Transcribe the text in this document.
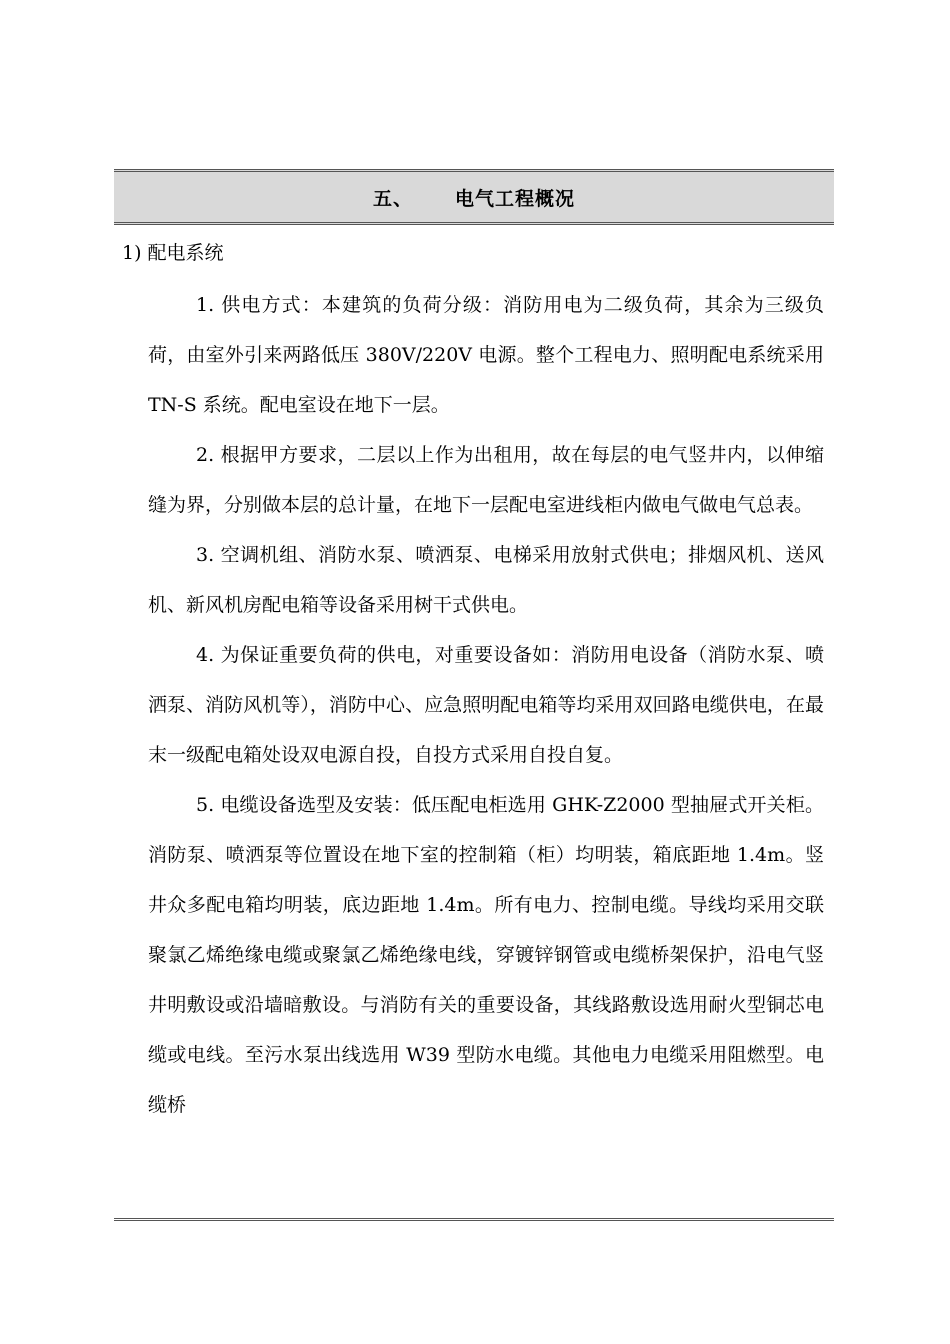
五、 电气工程概况
1) 配电系统

1. 供电方式：本建筑的负荷分级：消防用电为二级负荷，其余为三级负荷，由室外引来两路低压 380V/220V 电源。整个工程电力、照明配电系统采用 TN-S 系统。配电室设在地下一层。

2. 根据甲方要求，二层以上作为出租用，故在每层的电气竖井内，以伸缩缝为界，分别做本层的总计量，在地下一层配电室进线柜内做电气做电气总表。

3. 空调机组、消防水泵、喷洒泵、电梯采用放射式供电；排烟风机、送风机、新风机房配电箱等设备采用树干式供电。

4. 为保证重要负荷的供电，对重要设备如：消防用电设备（消防水泵、喷洒泵、消防风机等），消防中心、应急照明配电箱等均采用双回路电缆供电，在最末一级配电箱处设双电源自投，自投方式采用自投自复。

5. 电缆设备选型及安装：低压配电柜选用 GHK-Z2000 型抽屉式开关柜。消防泵、喷洒泵等位置设在地下室的控制箱（柜）均明装，箱底距地 1.4m。竖井众多配电箱均明装，底边距地 1.4m。所有电力、控制电缆。导线均采用交联聚氯乙烯绝缘电缆或聚氯乙烯绝缘电线，穿镀锌钢管或电缆桥架保护，沿电气竖井明敷设或沿墙暗敷设。与消防有关的重要设备，其线路敷设选用耐火型铜芯电缆或电线。至污水泵出线选用 W39 型防水电缆。其他电力电缆采用阻燃型。电缆桥
